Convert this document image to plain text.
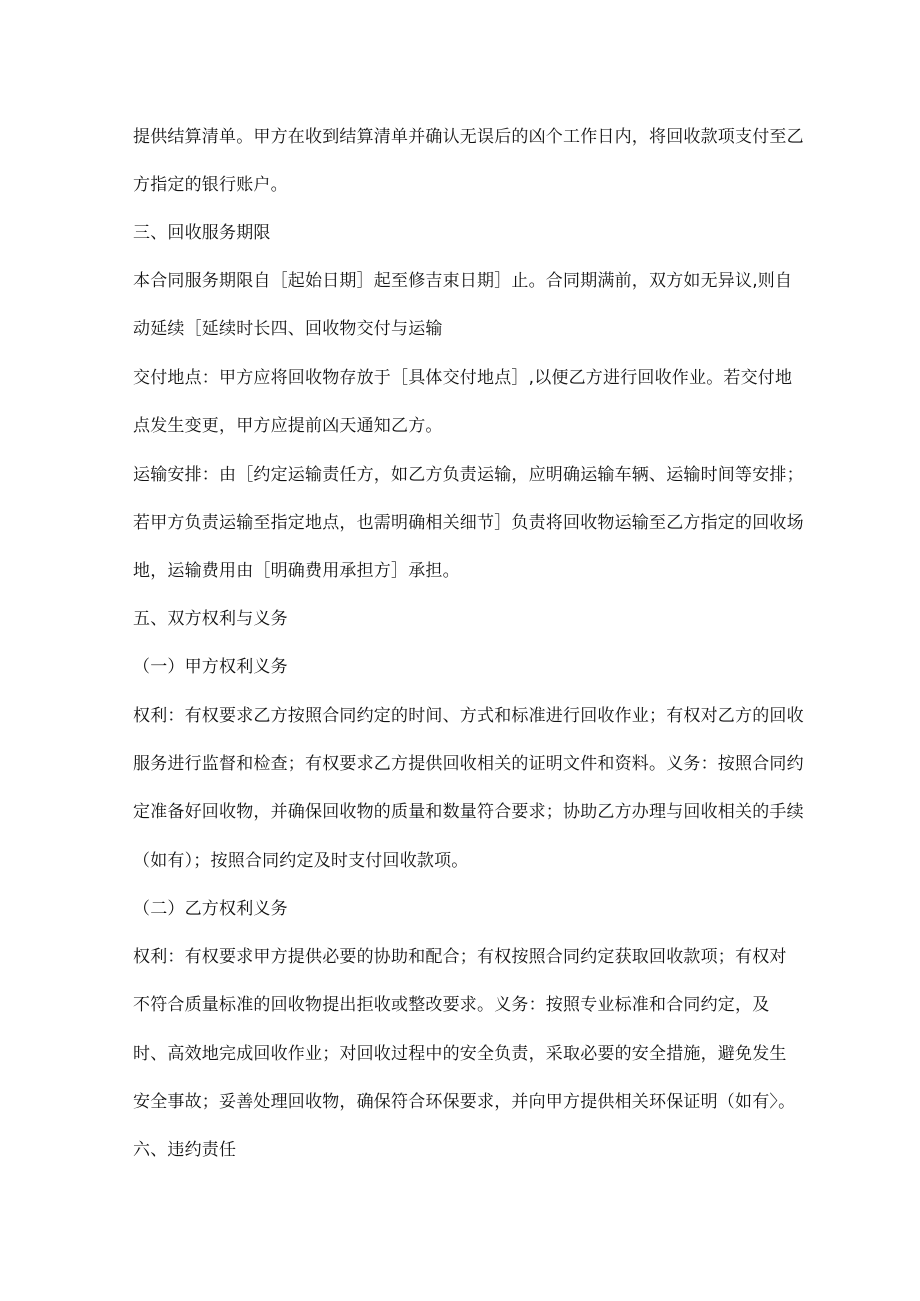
提供结算清单。甲方在收到结算清单并确认无误后的凶个工作日内，将回收款项支付至乙
方指定的银行账户。
三、回收服务期限
本合同服务期限自［起始日期］起至修吉束日期］止。合同期满前，双方如无异议,则自
动延续［延续时长四、回收物交付与运输
交付地点：甲方应将回收物存放于［具体交付地点］,以便乙方进行回收作业。若交付地
点发生变更，甲方应提前凶天通知乙方。
运输安排：由［约定运输责任方，如乙方负责运输，应明确运输车辆、运输时间等安排；
若甲方负责运输至指定地点，也需明确相关细节］负责将回收物运输至乙方指定的回收场
地，运输费用由［明确费用承担方］承担。
五、双方权利与义务
（一）甲方权利义务
权利：有权要求乙方按照合同约定的时间、方式和标准进行回收作业；有权对乙方的回收
服务进行监督和检查；有权要求乙方提供回收相关的证明文件和资料。义务：按照合同约
定准备好回收物，并确保回收物的质量和数量符合要求；协助乙方办理与回收相关的手续
（如有）；按照合同约定及时支付回收款项。
（二）乙方权利义务
权利：有权要求甲方提供必要的协助和配合；有权按照合同约定获取回收款项；有权对
不符合质量标准的回收物提出拒收或整改要求。义务：按照专业标准和合同约定，及
时、高效地完成回收作业；对回收过程中的安全负责，采取必要的安全措施，避免发生
安全事故；妥善处理回收物，确保符合环保要求，并向甲方提供相关环保证明（如有〉。
六、违约责任
